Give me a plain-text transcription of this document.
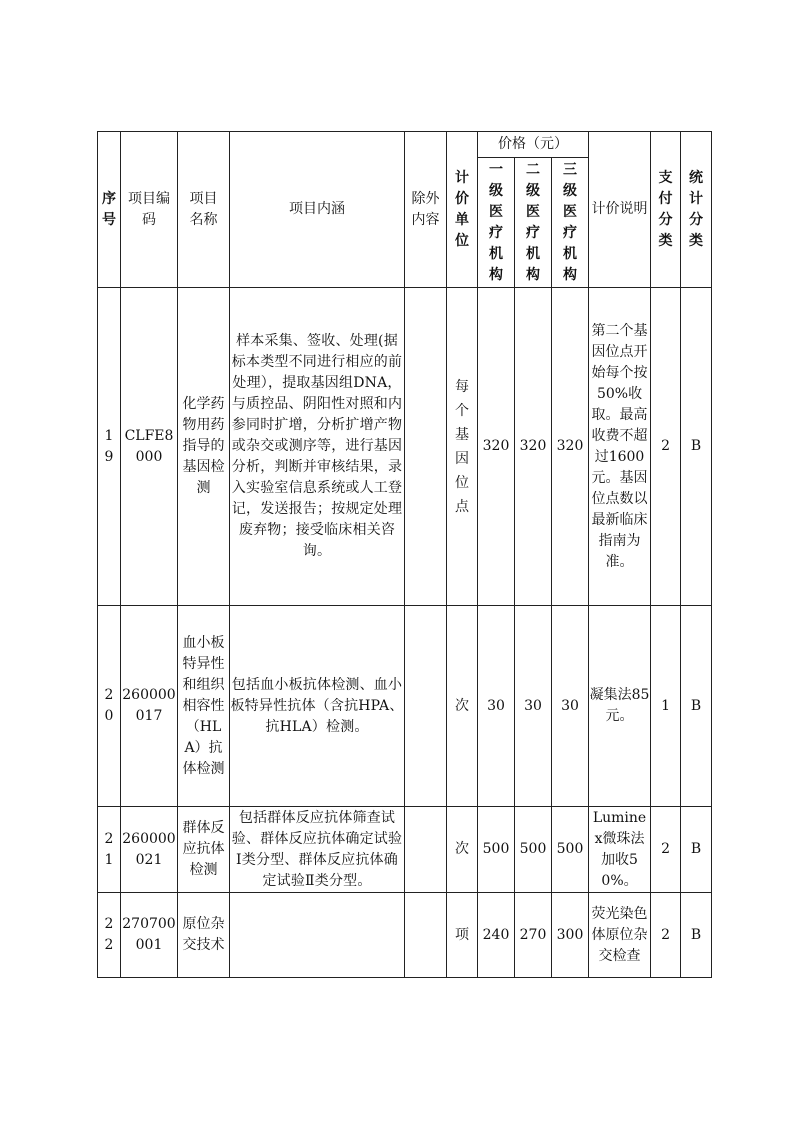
序号	项目编码	项目名称	项目内涵	除外内容	计价单位	价格（元）			计价说明	支付分类	统计分类
						一级医疗机构	二级医疗机构	三级医疗机构			
19	CLFE8000	化学药物用药指导的基因检测	样本采集、签收、处理(据标本类型不同进行相应的前处理），提取基因组DNA，与质控品、阴阳性对照和内参同时扩增，分析扩增产物或杂交或测序等，进行基因分析，判断并审核结果，录入实验室信息系统或人工登记，发送报告；按规定处理废弃物；接受临床相关咨询。		每个基因位点	320	320	320	第二个基因位点开始每个按50%收取。最高收费不超过1600元。基因位点数以最新临床指南为准。	2	B
20	260000017	血小板特异性和组织相容性（HLA）抗体检测	包括血小板抗体检测、血小板特异性抗体（含抗HPA、抗HLA）检测。		次	30	30	30	凝集法85元。	1	B
21	260000021	群体反应抗体检测	包括群体反应抗体筛查试验、群体反应抗体确定试验Ⅰ类分型、群体反应抗体确定试验Ⅱ类分型。		次	500	500	500	Luminex微珠法加收50%。	2	B
22	270700001	原位杂交技术			项	240	270	300	荧光染色体原位杂交检查	2	B
